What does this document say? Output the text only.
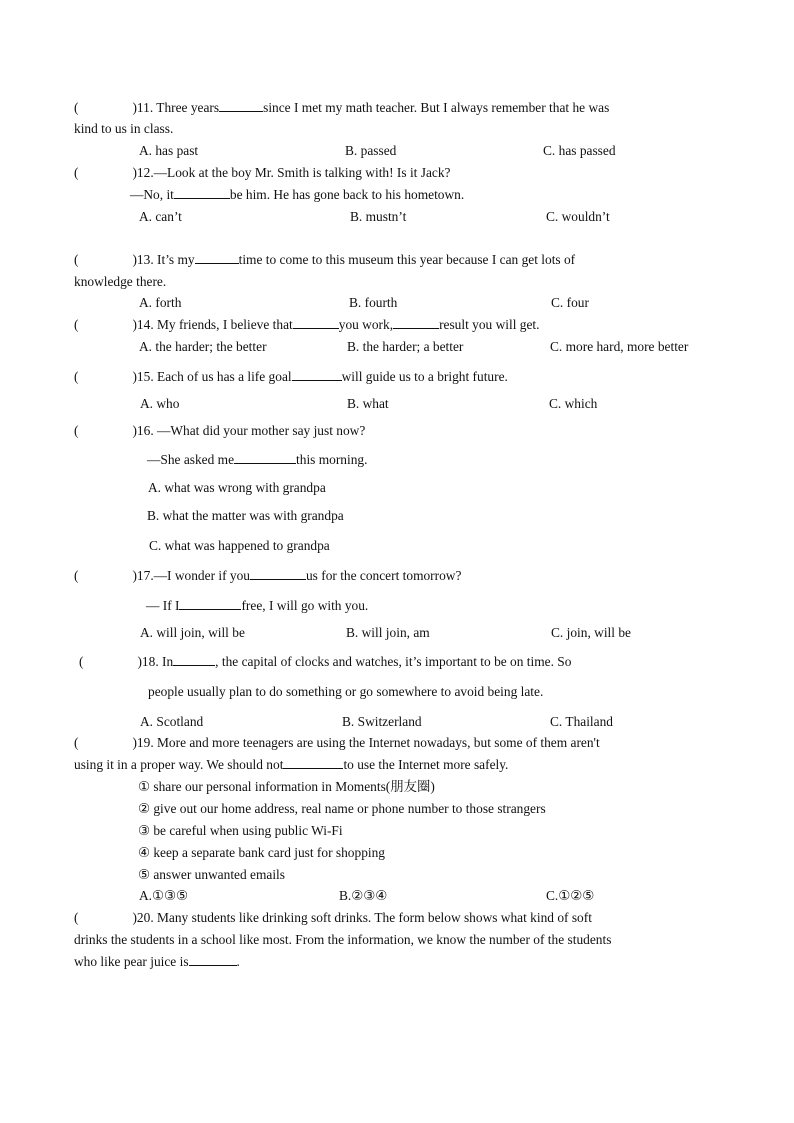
(	)11. Three years	since I met my math teacher. But I always remember that he was
kind to us in class.
A. has past	B. passed	C. has passed
(	)12.—Look at the boy Mr. Smith is talking with! Is it Jack?
—No, it	be him. He has gone back to his hometown.
A. can’t	B. mustn’t	C. wouldn’t
(	)13. It’s my	time to come to this museum this year because I can get lots of
knowledge there.
A. forth	B. fourth	C. four
(	)14. My friends, I believe that	you work,	result you will get.
A. the harder; the better	B. the harder; a better	C. more hard, more better
(	)15. Each of us has a life goal	will guide us to a bright future.
A. who	B. what	C. which
(	)16. —What did your mother say just now?
—She asked me	this morning.
A. what was wrong with grandpa
B. what the matter was with grandpa
C. what was happened to grandpa
(	)17.—I wonder if you	us for the concert tomorrow?
— If I	free, I will go with you.
A. will join, will be	B. will join, am	C. join, will be
(	)18. In	, the capital of clocks and watches, it’s important to be on time. So
people usually plan to do something or go somewhere to avoid being late.
A. Scotland	B. Switzerland	C. Thailand
(	)19. More and more teenagers are using the Internet nowadays, but some of them aren't
using it in a proper way. We should not	to use the Internet more safely.
① share our personal information in Moments(朋友圈)
② give out our home address, real name or phone number to those strangers
③ be careful when using public Wi-Fi
④ keep a separate bank card just for shopping
⑤ answer unwanted emails
A.①③⑤	B.②③④	C.①②⑤
(	)20. Many students like drinking soft drinks. The form below shows what kind of soft
drinks the students in a school like most. From the information, we know the number of the students
who like pear juice is	.
